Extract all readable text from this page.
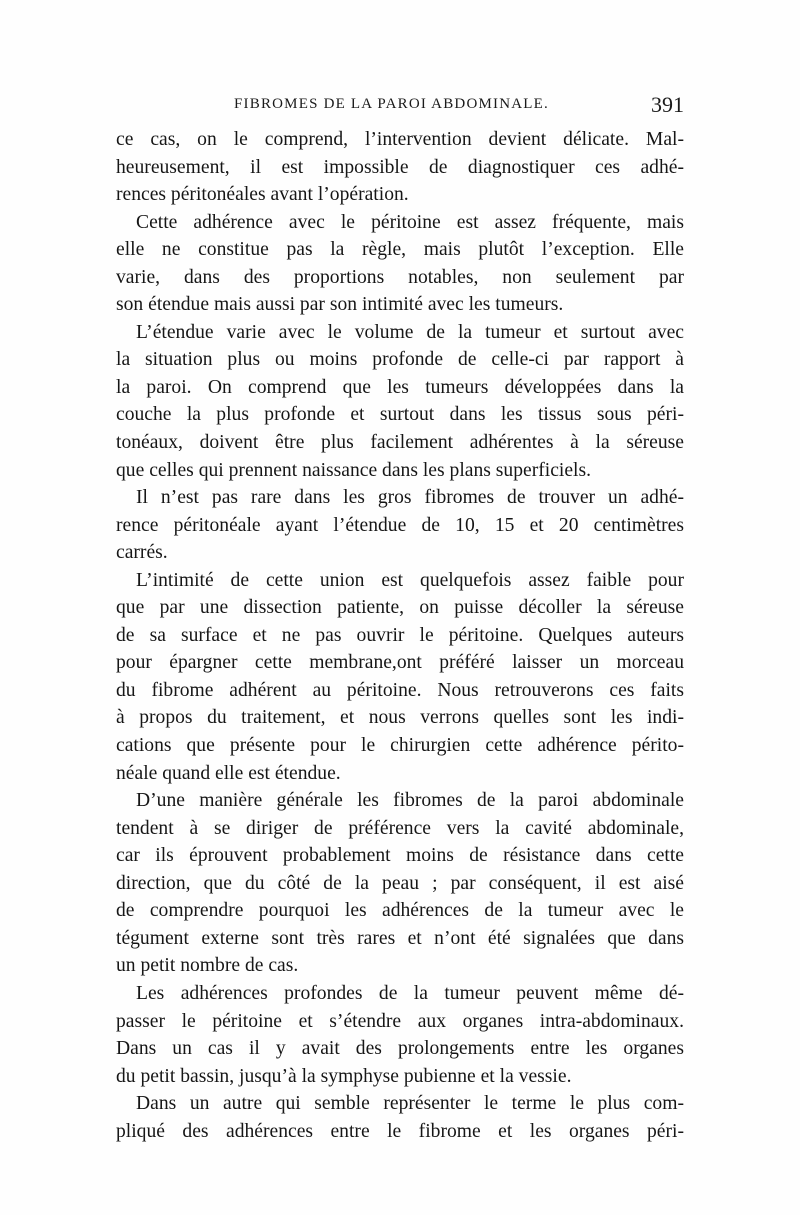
FIBROMES DE LA PAROI ABDOMINALE.	391
ce cas, on le comprend, l’intervention devient délicate. Mal-
heureusement, il est impossible de diagnostiquer ces adhé-
rences péritonéales avant l’opération.
Cette adhérence avec le péritoine est assez fréquente, mais
elle ne constitue pas la règle, mais plutôt l’exception. Elle
varie, dans des proportions notables, non seulement par
son étendue mais aussi par son intimité avec les tumeurs.
L’étendue varie avec le volume de la tumeur et surtout avec
la situation plus ou moins profonde de celle-ci par rapport à
la paroi. On comprend que les tumeurs développées dans la
couche la plus profonde et surtout dans les tissus sous péri-
tonéaux, doivent être plus facilement adhérentes à la séreuse
que celles qui prennent naissance dans les plans superficiels.
Il n’est pas rare dans les gros fibromes de trouver un adhé-
rence péritonéale ayant l’étendue de 10, 15 et 20 centimètres
carrés.
L’intimité de cette union est quelquefois assez faible pour
que par une dissection patiente, on puisse décoller la séreuse
de sa surface et ne pas ouvrir le péritoine. Quelques auteurs
pour épargner cette membrane,ont préféré laisser un morceau
du fibrome adhérent au péritoine. Nous retrouverons ces faits
à propos du traitement, et nous verrons quelles sont les indi-
cations que présente pour le chirurgien cette adhérence périto-
néale quand elle est étendue.
D’une manière générale les fibromes de la paroi abdominale
tendent à se diriger de préférence vers la cavité abdominale,
car ils éprouvent probablement moins de résistance dans cette
direction, que du côté de la peau ; par conséquent, il est aisé
de comprendre pourquoi les adhérences de la tumeur avec le
tégument externe sont très rares et n’ont été signalées que dans
un petit nombre de cas.
Les adhérences profondes de la tumeur peuvent même dé-
passer le péritoine et s’étendre aux organes intra-abdominaux.
Dans un cas il y avait des prolongements entre les organes
du petit bassin, jusqu’à la symphyse pubienne et la vessie.
Dans un autre qui semble représenter le terme le plus com-
pliqué des adhérences entre le fibrome et les organes péri-
